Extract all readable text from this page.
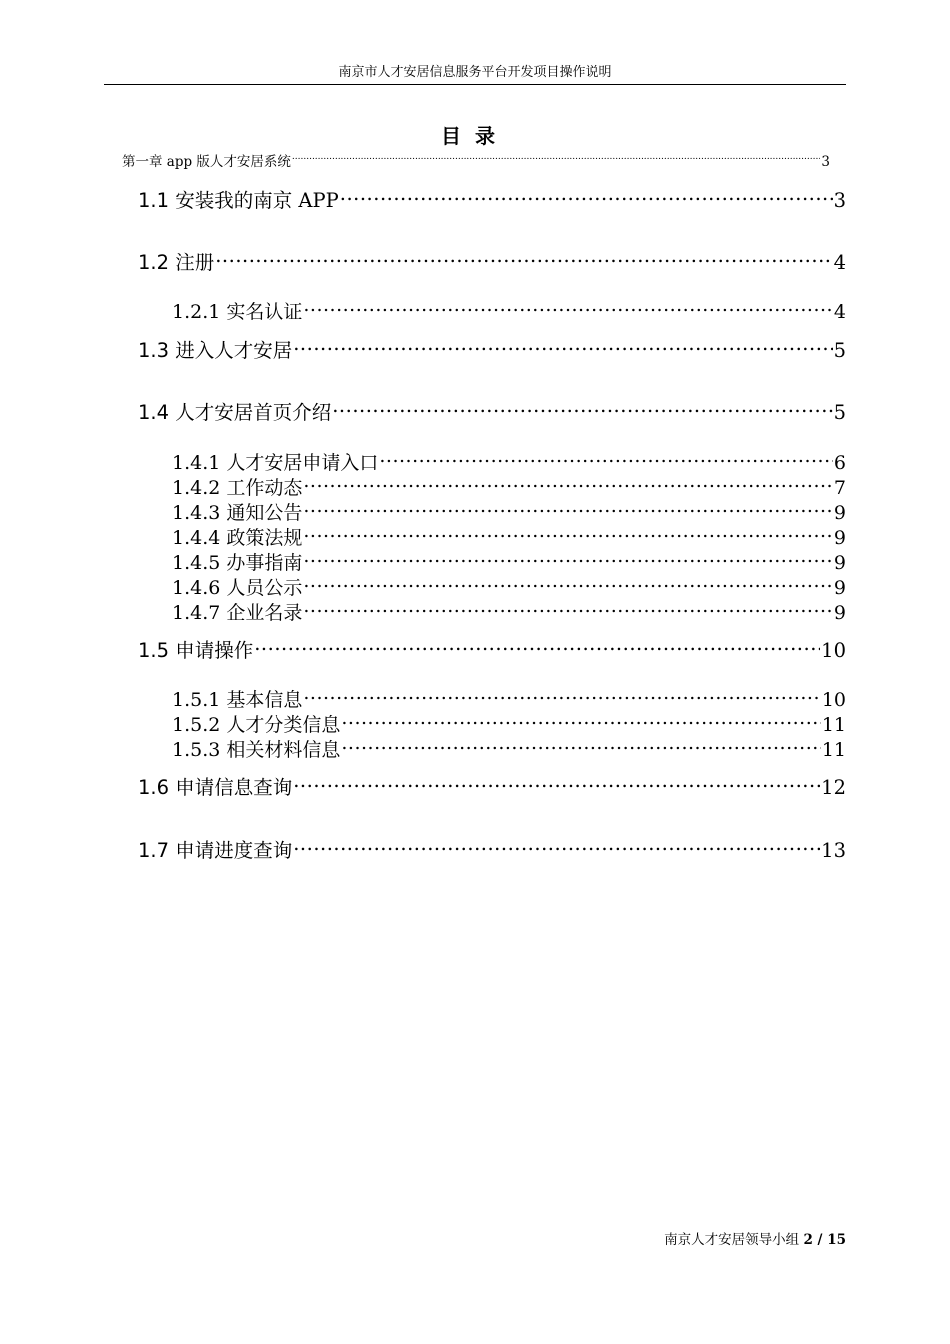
南京市人才安居信息服务平台开发项目操作说明
目录
第一章 app 版人才安居系统 .....	3
1.1 安装我的南京 APP .....	3
1.2 注册 .....	4
1.2.1 实名认证 .....	4
1.3 进入人才安居 .....	5
1.4 人才安居首页介绍 .....	5
1.4.1 人才安居申请入口 .....	6
1.4.2 工作动态 .....	7
1.4.3 通知公告 .....	9
1.4.4 政策法规 .....	9
1.4.5 办事指南 .....	9
1.4.6 人员公示 .....	9
1.4.7 企业名录 .....	9
1.5 申请操作 .....	10
1.5.1 基本信息 .....	10
1.5.2 人才分类信息 .....	11
1.5.3 相关材料信息 .....	11
1.6 申请信息查询 .....	12
1.7 申请进度查询 .....	13
南京人才安居领导小组 2 / 15
